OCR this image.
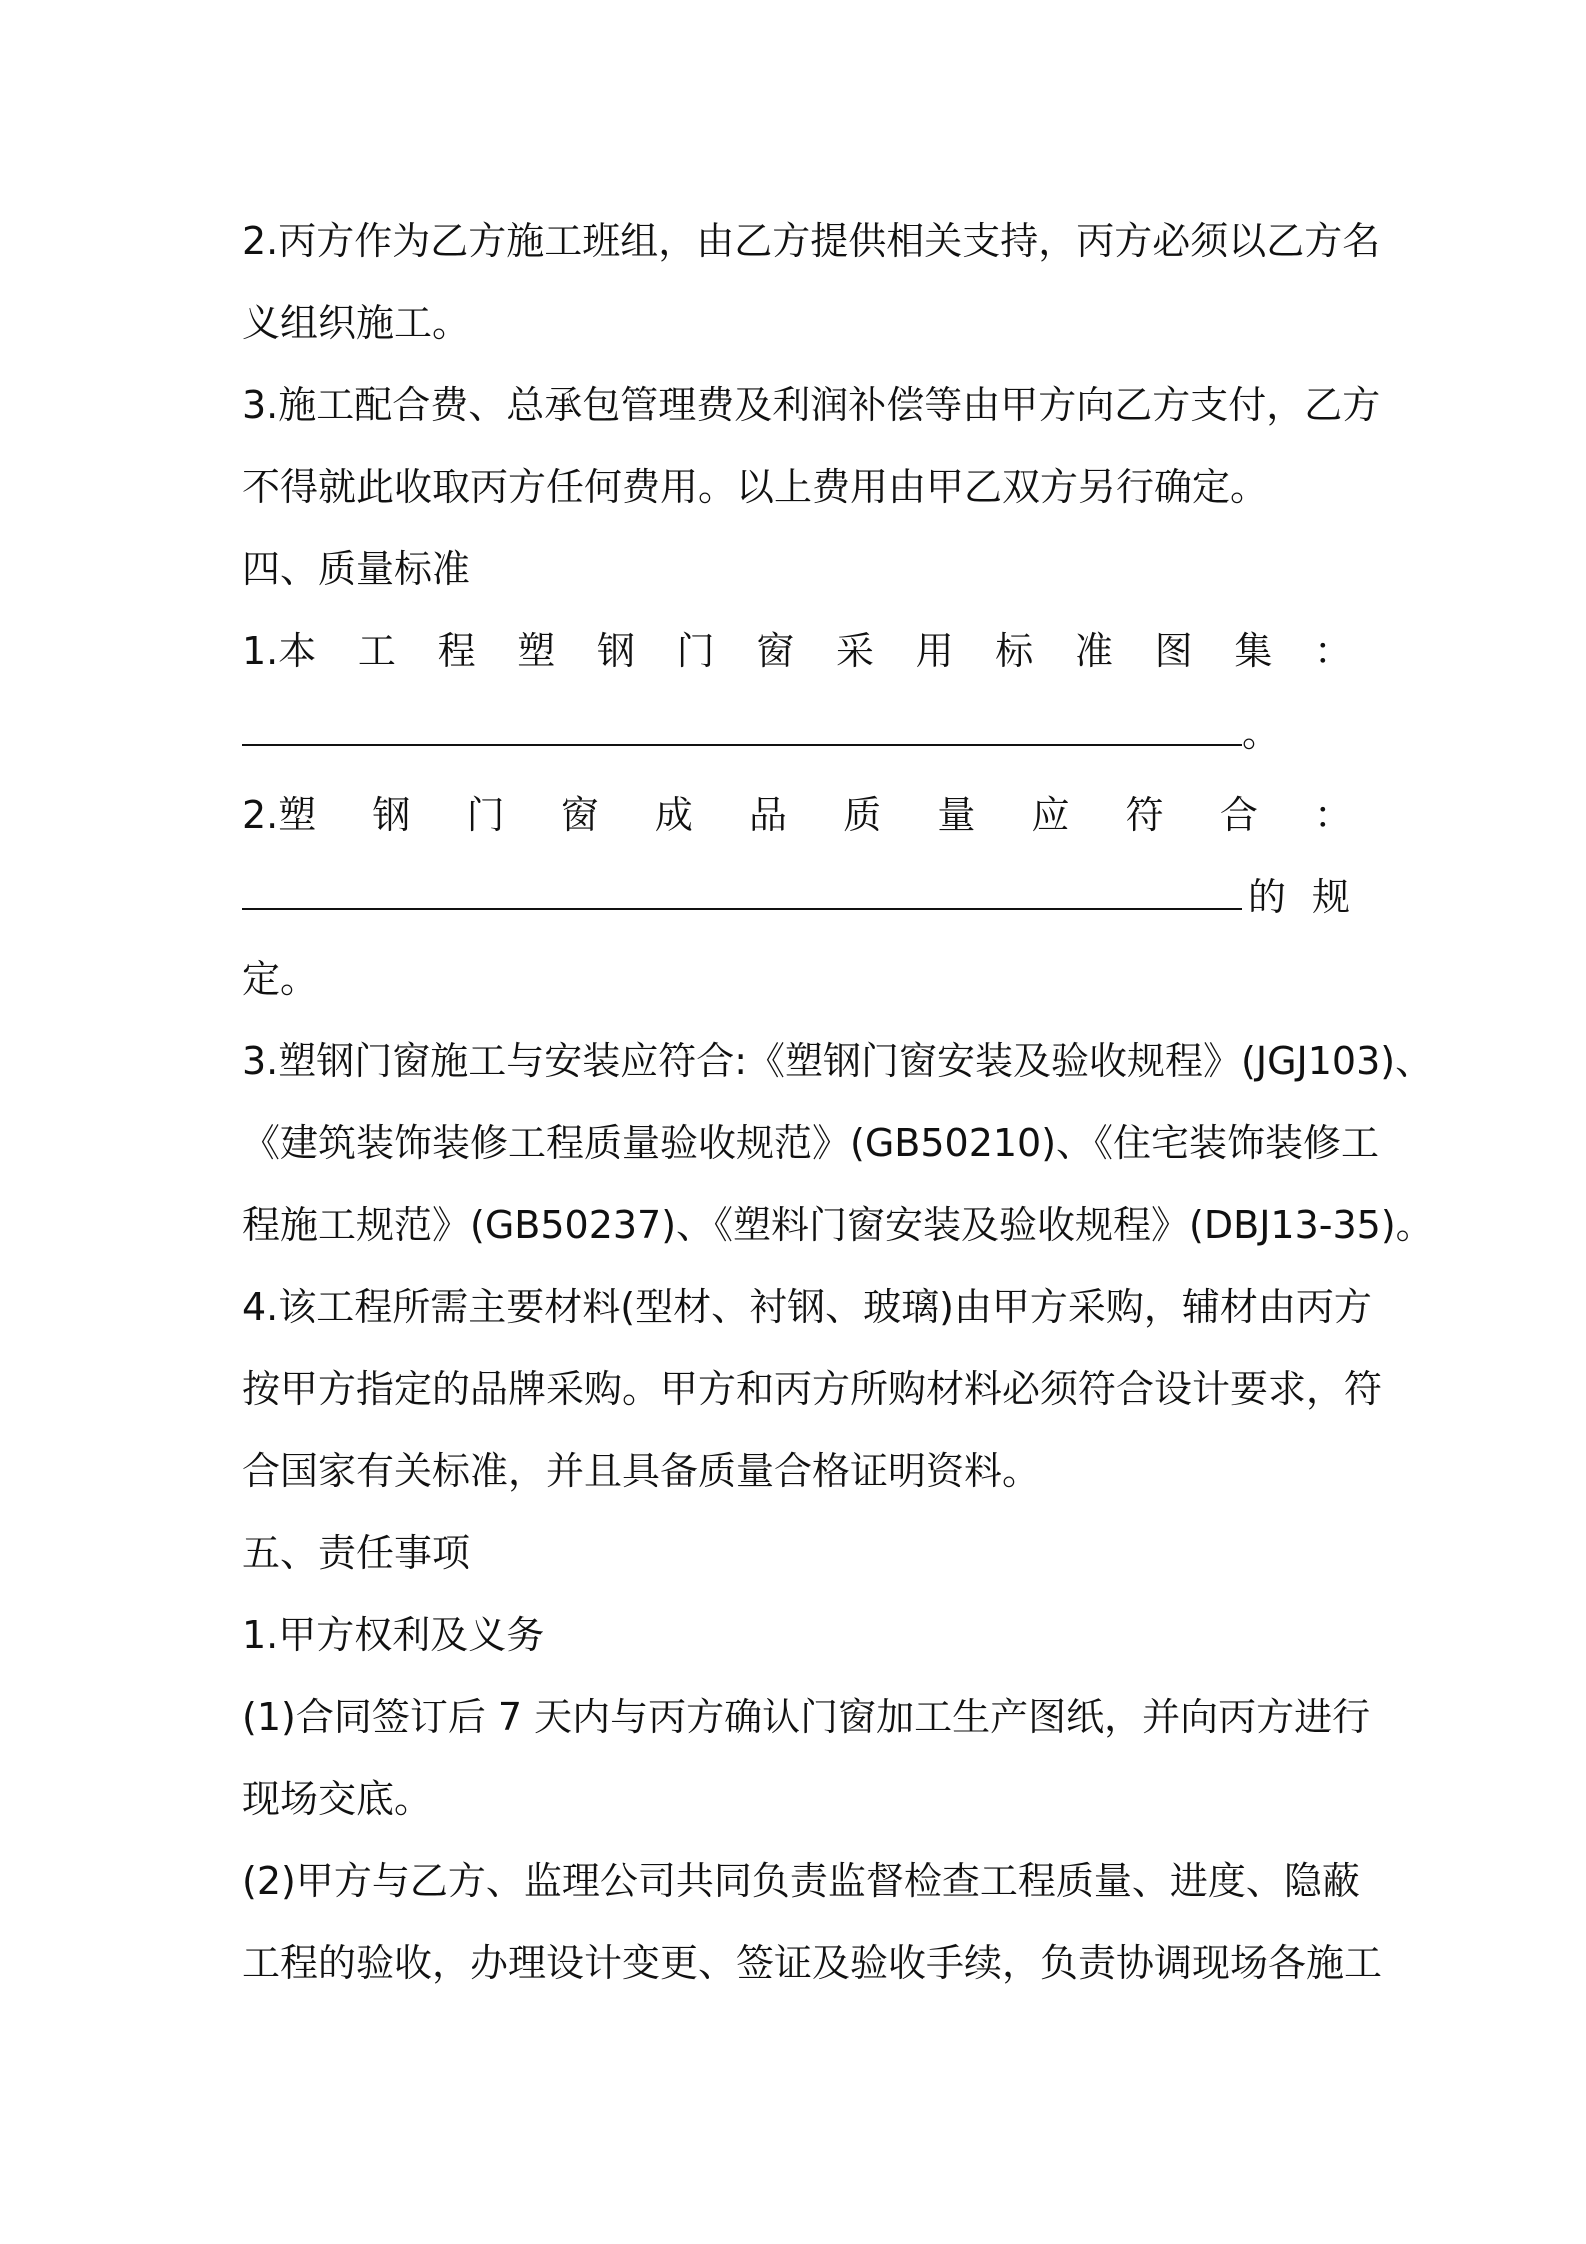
2.丙方作为乙方施工班组，由乙方提供相关支持，丙方必须以乙方名
义组织施工。
3.施工配合费、总承包管理费及利润补偿等由甲方向乙方支付，乙方
不得就此收取丙方任何费用。以上费用由甲乙双方另行确定。
四、质量标准
1.本 工 程 塑 钢 门 窗 采 用 标 准 图 集 ：
。
2.塑 钢 门 窗 成 品 质 量 应 符 合 ：
的 规
定。
3.塑钢门窗施工与安装应符合:《塑钢门窗安装及验收规程》(JGJ103)、
《建筑装饰装修工程质量验收规范》(GB50210)、《住宅装饰装修工
程施工规范》(GB50237)、《塑料门窗安装及验收规程》(DBJ13-35)。
4.该工程所需主要材料(型材、衬钢、玻璃)由甲方采购，辅材由丙方
按甲方指定的品牌采购。甲方和丙方所购材料必须符合设计要求，符
合国家有关标准，并且具备质量合格证明资料。
五、责任事项
1.甲方权利及义务
(1)合同签订后 7 天内与丙方确认门窗加工生产图纸，并向丙方进行
现场交底。
(2)甲方与乙方、监理公司共同负责监督检查工程质量、进度、隐蔽
工程的验收，办理设计变更、签证及验收手续，负责协调现场各施工
